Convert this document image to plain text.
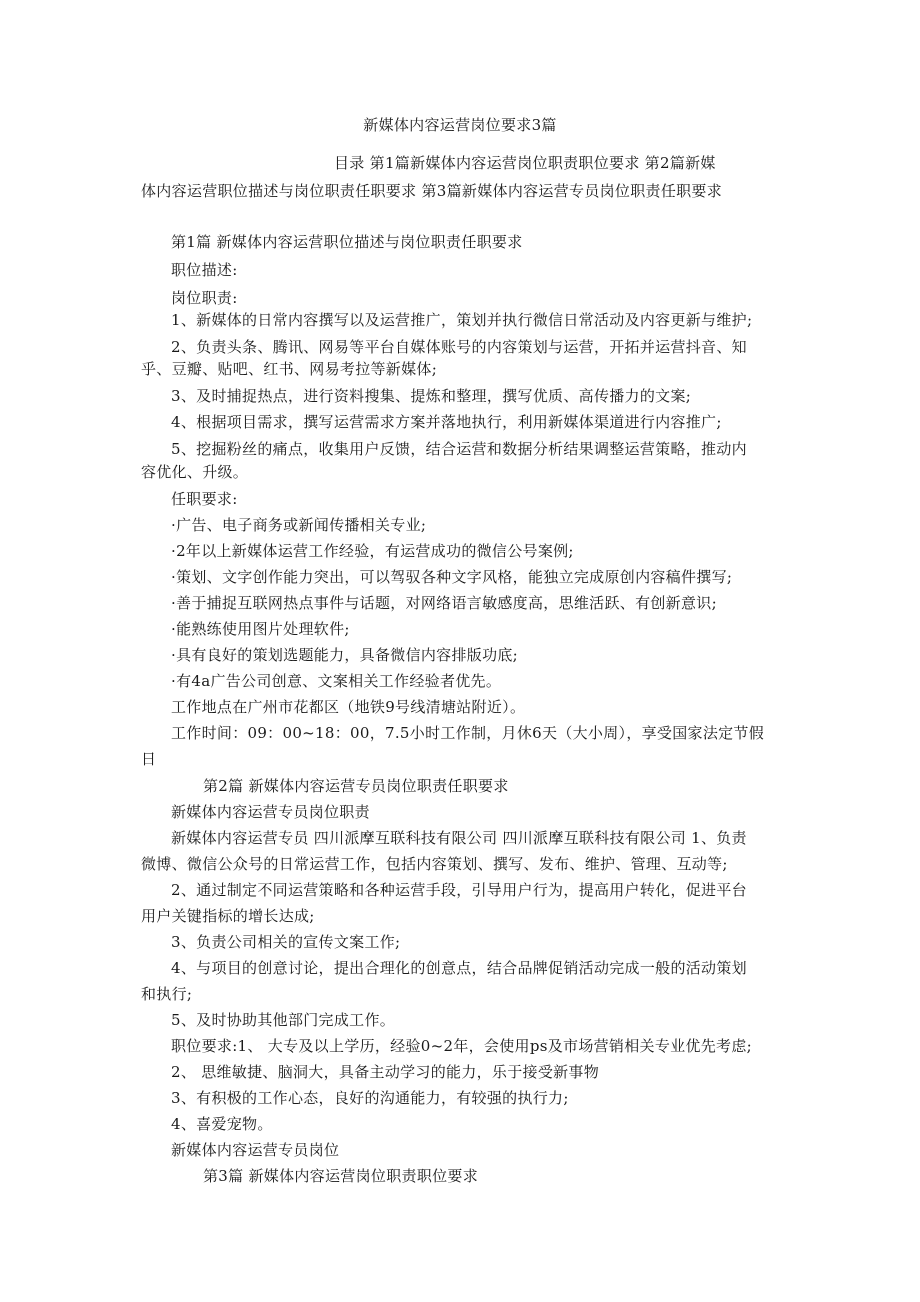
新媒体内容运营岗位要求3篇
目录 第1篇新媒体内容运营岗位职责职位要求 第2篇新媒
体内容运营职位描述与岗位职责任职要求 第3篇新媒体内容运营专员岗位职责任职要求
第1篇 新媒体内容运营职位描述与岗位职责任职要求
职位描述:
岗位职责:
1、新媒体的日常内容撰写以及运营推广，策划并执行微信日常活动及内容更新与维护;
2、负责头条、腾讯、网易等平台自媒体账号的内容策划与运营，开拓并运营抖音、知
乎、豆瓣、贴吧、红书、网易考拉等新媒体;
3、及时捕捉热点，进行资料搜集、提炼和整理，撰写优质、高传播力的文案;
4、根据项目需求，撰写运营需求方案并落地执行，利用新媒体渠道进行内容推广;
5、挖掘粉丝的痛点，收集用户反馈，结合运营和数据分析结果调整运营策略，推动内
容优化、升级。
任职要求:
·广告、电子商务或新闻传播相关专业;
·2年以上新媒体运营工作经验，有运营成功的微信公号案例;
·策划、文字创作能力突出，可以驾驭各种文字风格，能独立完成原创内容稿件撰写;
·善于捕捉互联网热点事件与话题，对网络语言敏感度高，思维活跃、有创新意识;
·能熟练使用图片处理软件;
·具有良好的策划选题能力，具备微信内容排版功底;
·有4a广告公司创意、文案相关工作经验者优先。
工作地点在广州市花都区（地铁9号线清塘站附近）。
工作时间：09：00~18：00，7.5小时工作制，月休6天（大小周），享受国家法定节假
日
第2篇 新媒体内容运营专员岗位职责任职要求
新媒体内容运营专员岗位职责
新媒体内容运营专员 四川派摩互联科技有限公司 四川派摩互联科技有限公司 1、负责
微博、微信公众号的日常运营工作，包括内容策划、撰写、发布、维护、管理、互动等;
2、通过制定不同运营策略和各种运营手段，引导用户行为，提高用户转化，促进平台
用户关键指标的增长达成;
3、负责公司相关的宣传文案工作;
4、与项目的创意讨论，提出合理化的创意点，结合品牌促销活动完成一般的活动策划
和执行;
5、及时协助其他部门完成工作。
职位要求:1、 大专及以上学历，经验0~2年，会使用ps及市场营销相关专业优先考虑;
2、 思维敏捷、脑洞大，具备主动学习的能力，乐于接受新事物
3、有积极的工作心态，良好的沟通能力，有较强的执行力;
4、喜爱宠物。
新媒体内容运营专员岗位
第3篇 新媒体内容运营岗位职责职位要求
